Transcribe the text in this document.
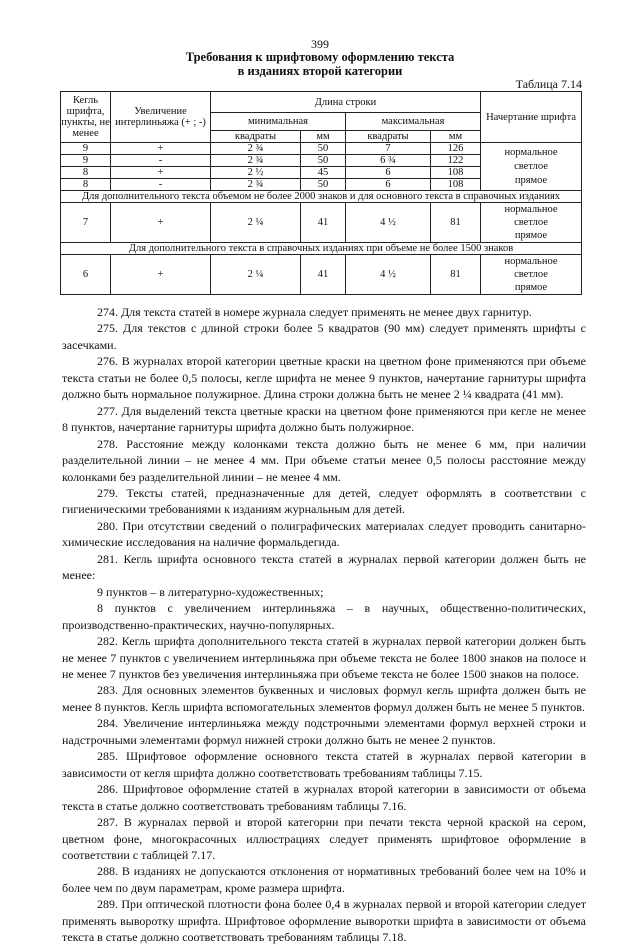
399
Требования к шрифтовому оформлению текста
в изданиях второй категории
Таблица 7.14
Кегль шрифта, пункты, не менее	Увеличение интерлиньяжа (+ ; -)	Длина строки				Начертание шрифта
		минимальная		максимальная		
		квадраты	мм	квадраты	мм	
9	+	2 ¾	50	7	126	нормальное светлое прямое
9	-	2 ¾	50	6 ¾	122	
8	+	2 ½	45	6	108	
8	-	2 ¾	50	6	108	
Для дополнительного текста объемом не более 2000 знаков и для основного текста в справочных изданиях						
7	+	2 ¼	41	4 ½	81	нормальное светлое прямое
Для дополнительного текста в справочных изданиях при объеме не более 1500 знаков						
6	+	2 ¼	41	4 ½	81	нормальное светлое прямое

274. Для текста статей в номере журнала следует применять не менее двух гарнитур.

275. Для текстов с длиной строки более 5 квадратов (90 мм) следует применять шрифты с засечками.

276. В журналах второй категории цветные краски на цветном фоне применяются при объеме текста статьи не более 0,5 полосы, кегле шрифта не менее 9 пунктов, начертание гарнитуры шрифта должно быть нормальное полужирное. Длина строки должна быть не менее 2 ¼ квадрата (41 мм).

277. Для выделений текста цветные краски на цветном фоне применяются при кегле не менее 8 пунктов, начертание гарнитуры шрифта должно быть полужирное.

278. Расстояние между колонками текста должно быть не менее 6 мм, при наличии разделительной линии – не менее 4 мм. При объеме статьи менее 0,5 полосы расстояние между колонками без разделительной линии – не менее 4 мм.

279. Тексты статей, предназначенные для детей, следует оформлять в соответствии с гигиеническими требованиями к изданиям журнальным для детей.

280. При отсутствии сведений о полиграфических материалах следует проводить санитарно-химические исследования на наличие формальдегида.

281. Кегль шрифта основного текста статей в журналах первой категории должен быть не менее:

9 пунктов – в литературно-художественных;

8 пунктов с увеличением интерлиньяжа – в научных, общественно-политических, производственно-практических, научно-популярных.

282. Кегль шрифта дополнительного текста статей в журналах первой категории должен быть не менее 7 пунктов с увеличением интерлиньяжа при объеме текста не более 1800 знаков на полосе и не менее 7 пунктов без увеличения интерлиньяжа при объеме текста не более 1500 знаков на полосе.

283. Для основных элементов буквенных и числовых формул кегль шрифта должен быть не менее 8 пунктов. Кегль шрифта вспомогательных элементов формул должен быть не менее 5 пунктов.

284. Увеличение интерлиньяжа между подстрочными элементами формул верхней строки и надстрочными элементами формул нижней строки должно быть не менее 2 пунктов.

285. Шрифтовое оформление основного текста статей в журналах первой категории в зависимости от кегля шрифта должно соответствовать требованиям таблицы 7.15.

286. Шрифтовое оформление статей в журналах второй категории в зависимости от объема текста в статье должно соответствовать требованиям таблицы 7.16.

287. В журналах первой и второй категории при печати текста черной краской на сером, цветном фоне, многокрасочных иллюстрациях следует применять шрифтовое оформление в соответствии с таблицей 7.17.

288. В изданиях не допускаются отклонения от нормативных требований более чем на 10% и более чем по двум параметрам, кроме размера шрифта.

289. При оптической плотности фона более 0,4 в журналах первой и второй категории следует применять выворотку шрифта. Шрифтовое оформление выворотки шрифта в зависимости от объема текста в статье должно соответствовать требованиям таблицы 7.18.
